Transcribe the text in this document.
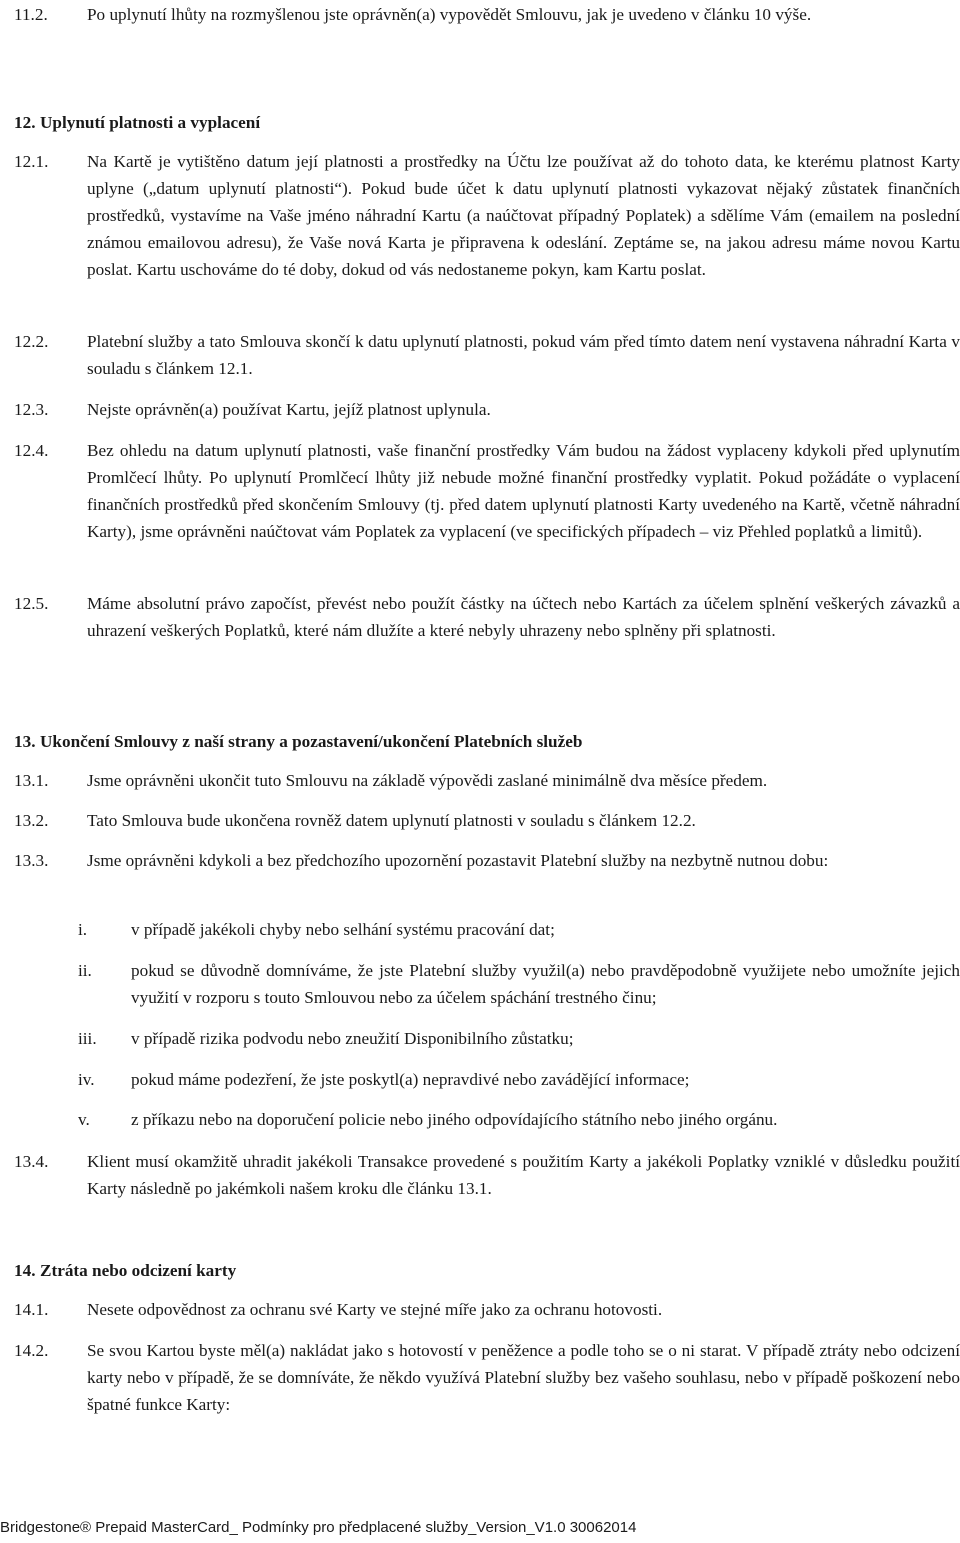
11.2.	Po uplynutí lhůty na rozmyšlenou jste oprávněn(a) vypovědět Smlouvu, jak je uvedeno v článku 10 výše.
12. Uplynutí platnosti a vyplacení
12.1.	Na Kartě je vytištěno datum její platnosti a prostředky na Účtu lze používat až do tohoto data, ke kterému platnost Karty uplyne („datum uplynutí platnosti“). Pokud bude účet k datu uplynutí platnosti vykazovat nějaký zůstatek finančních prostředků, vystavíme na Vaše jméno náhradní Kartu (a naúčtovat případný Poplatek) a sdělíme Vám (emailem na poslední známou emailovou adresu), že Vaše nová Karta je připravena k odeslání. Zeptáme se, na jakou adresu máme novou Kartu poslat. Kartu uschováme do té doby, dokud od vás nedostaneme pokyn, kam Kartu poslat.
12.2.	Platební služby a tato Smlouva skončí k datu uplynutí platnosti, pokud vám před tímto datem není vystavena náhradní Karta v souladu s článkem 12.1.
12.3.	Nejste oprávněn(a) používat Kartu, jejíž platnost uplynula.
12.4.	Bez ohledu na datum uplynutí platnosti, vaše finanční prostředky Vám budou na žádost vyplaceny kdykoli před uplynutím Promlčecí lhůty. Po uplynutí Promlčecí lhůty již nebude možné finanční prostředky vyplatit. Pokud požádáte o vyplacení finančních prostředků před skončením Smlouvy (tj. před datem uplynutí platnosti Karty uvedeného na Kartě, včetně náhradní Karty), jsme oprávněni naúčtovat vám Poplatek za vyplacení (ve specifických případech – viz Přehled poplatků a limitů).
12.5.	Máme absolutní právo započíst, převést nebo použít částky na účtech nebo Kartách za účelem splnění veškerých závazků a uhrazení veškerých Poplatků, které nám dlužíte a které nebyly uhrazeny nebo splněny při splatnosti.
13. Ukončení Smlouvy z naší strany a pozastavení/ukončení Platebních služeb
13.1.	Jsme oprávněni ukončit tuto Smlouvu na základě výpovědi zaslané minimálně dva měsíce předem.
13.2.	Tato Smlouva bude ukončena rovněž datem uplynutí platnosti v souladu s článkem 12.2.
13.3.	Jsme oprávněni kdykoli a bez předchozího upozornění pozastavit Platební služby na nezbytně nutnou dobu:
i.	v případě jakékoli chyby nebo selhání systému pracování dat;
ii.	pokud se důvodně domníváme, že jste Platební služby využil(a) nebo pravděpodobně využijete nebo umožníte jejich využití v rozporu s touto Smlouvou nebo za účelem spáchání trestného činu;
iii.	v případě rizika podvodu nebo zneužití Disponibilního zůstatku;
iv.	pokud máme podezření, že jste poskytl(a) nepravdivé nebo zavádějící informace;
v.	z příkazu nebo na doporučení policie nebo jiného odpovídajícího státního nebo jiného orgánu.
13.4.	Klient musí okamžitě uhradit jakékoli Transakce provedené s použitím Karty a jakékoli Poplatky vzniklé v důsledku použití Karty následně po jakémkoli našem kroku dle článku 13.1.
14. Ztráta nebo odcizení karty
14.1.	Nesete odpovědnost za ochranu své Karty ve stejné míře jako za ochranu hotovosti.
14.2.	Se svou Kartou byste měl(a) nakládat jako s hotovostí v peněžence a podle toho se o ni starat. V případě ztráty nebo odcizení karty nebo v případě, že se domníváte, že někdo využívá Platební služby bez vašeho souhlasu, nebo v případě poškození nebo špatné funkce Karty:
Bridgestone® Prepaid MasterCard_ Podmínky pro předplacené služby_Version_V1.0 30062014
